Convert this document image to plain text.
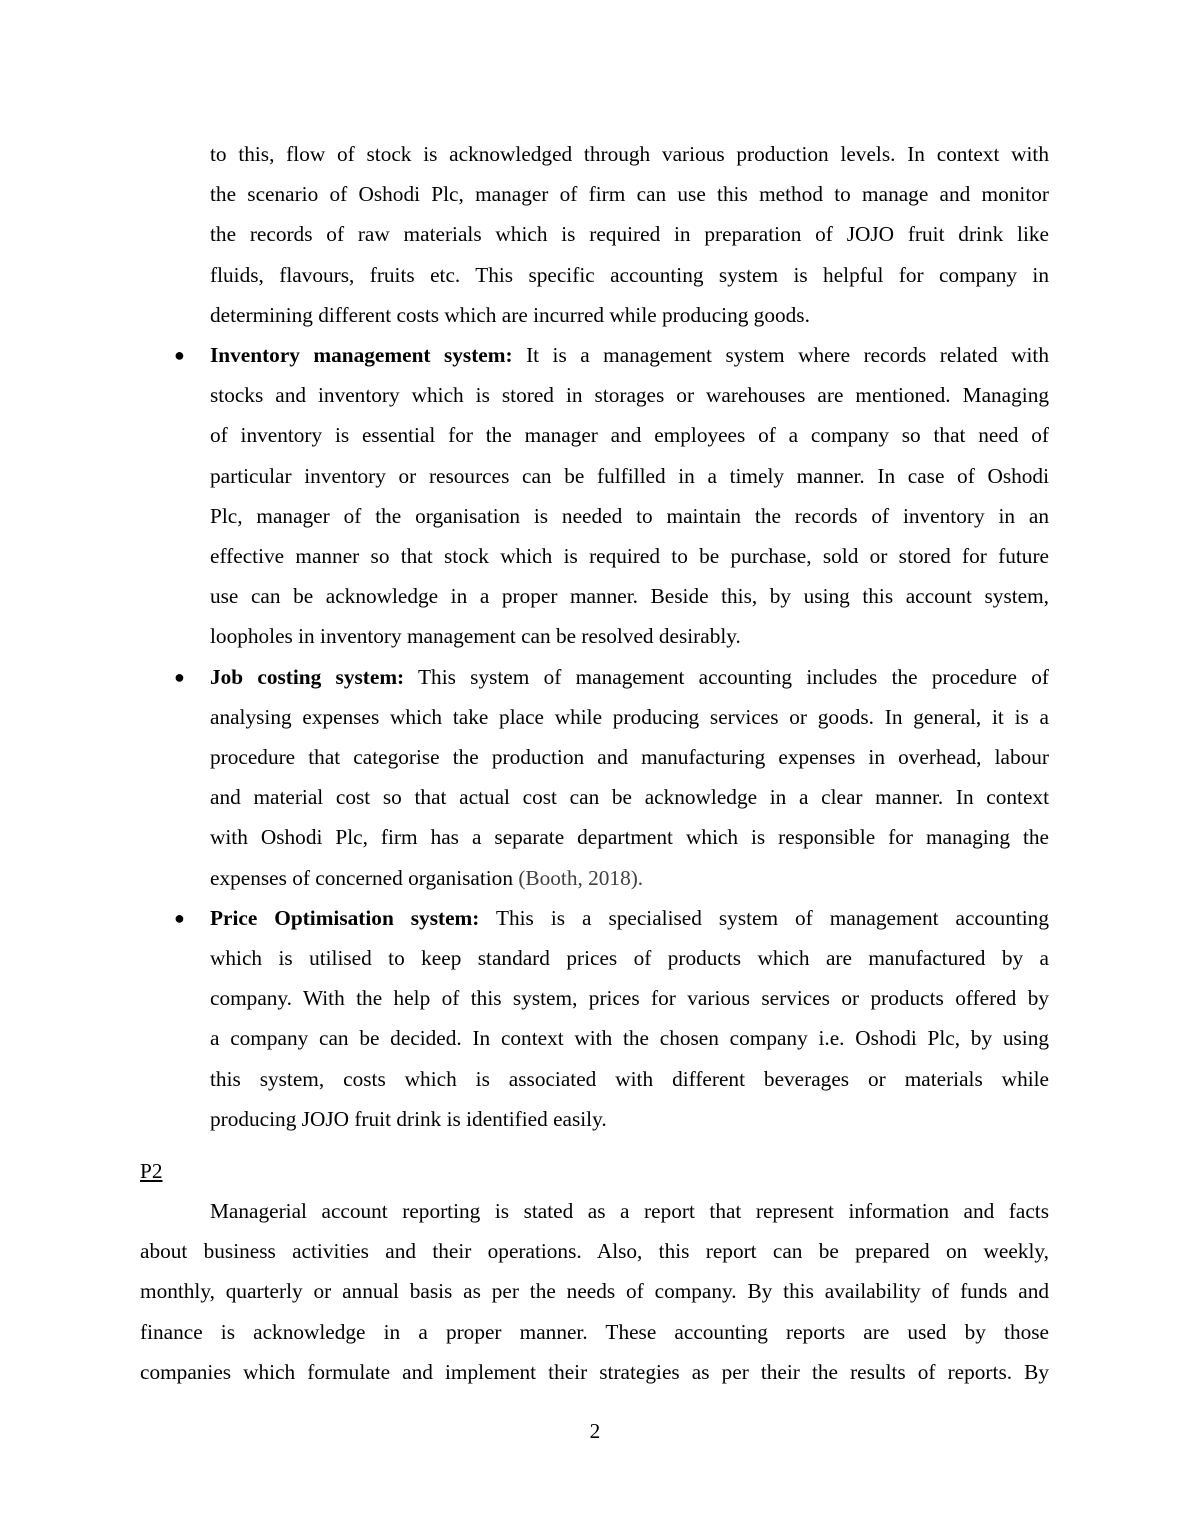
to this, flow of stock is acknowledged through various production levels. In context with
the scenario of Oshodi Plc, manager of firm can use this method to manage and monitor
the records of raw materials which is required in preparation of JOJO fruit drink like
fluids, flavours, fruits etc. This specific accounting system is helpful for company in
determining different costs which are incurred while producing goods.
● Inventory management system: It is a management system where records related with
stocks and inventory which is stored in storages or warehouses are mentioned. Managing
of inventory is essential for the manager and employees of a company so that need of
particular inventory or resources can be fulfilled in a timely manner. In case of Oshodi
Plc, manager of the organisation is needed to maintain the records of inventory in an
effective manner so that stock which is required to be purchase, sold or stored for future
use can be acknowledge in a proper manner. Beside this, by using this account system,
loopholes in inventory management can be resolved desirably.
● Job costing system: This system of management accounting includes the procedure of
analysing expenses which take place while producing services or goods. In general, it is a
procedure that categorise the production and manufacturing expenses in overhead, labour
and material cost so that actual cost can be acknowledge in a clear manner. In context
with Oshodi Plc, firm has a separate department which is responsible for managing the
expenses of concerned organisation (Booth, 2018).
● Price Optimisation system: This is a specialised system of management accounting
which is utilised to keep standard prices of products which are manufactured by a
company. With the help of this system, prices for various services or products offered by
a company can be decided. In context with the chosen company i.e. Oshodi Plc, by using
this system, costs which is associated with different beverages or materials while
producing JOJO fruit drink is identified easily.
Managerial account reporting is stated as a report that represent information and facts
about business activities and their operations. Also, this report can be prepared on weekly,
monthly, quarterly or annual basis as per the needs of company. By this availability of funds and
finance is acknowledge in a proper manner. These accounting reports are used by those
companies which formulate and implement their strategies as per their the results of reports. By
P2
2
